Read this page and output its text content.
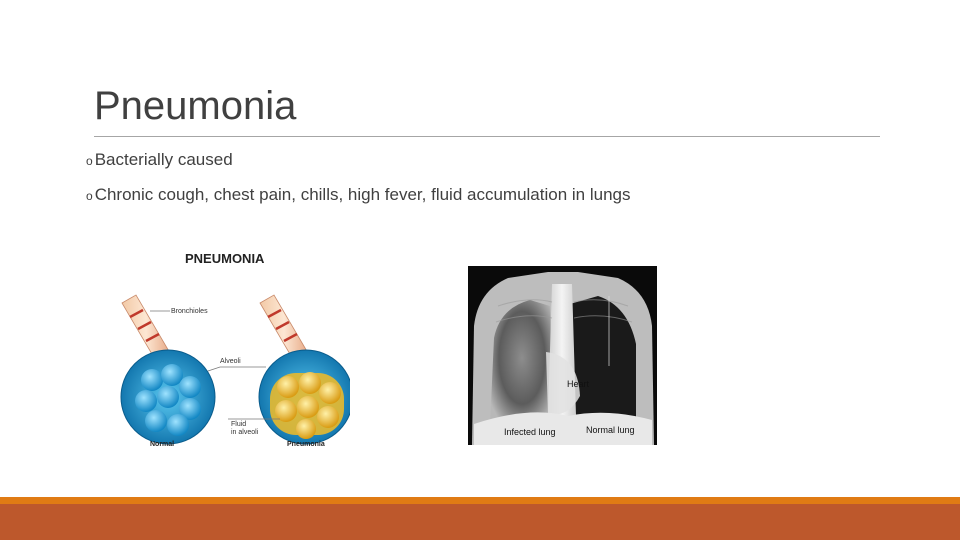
Pneumonia
o Bacterially caused
o Chronic cough, chest pain, chills, high fever, fluid accumulation in lungs
PNEUMONIA
Bronchioles
Alveoli
Fluid
in alveoli
Normal	Pneumonia
Heart
Infected lung	Normal lung
